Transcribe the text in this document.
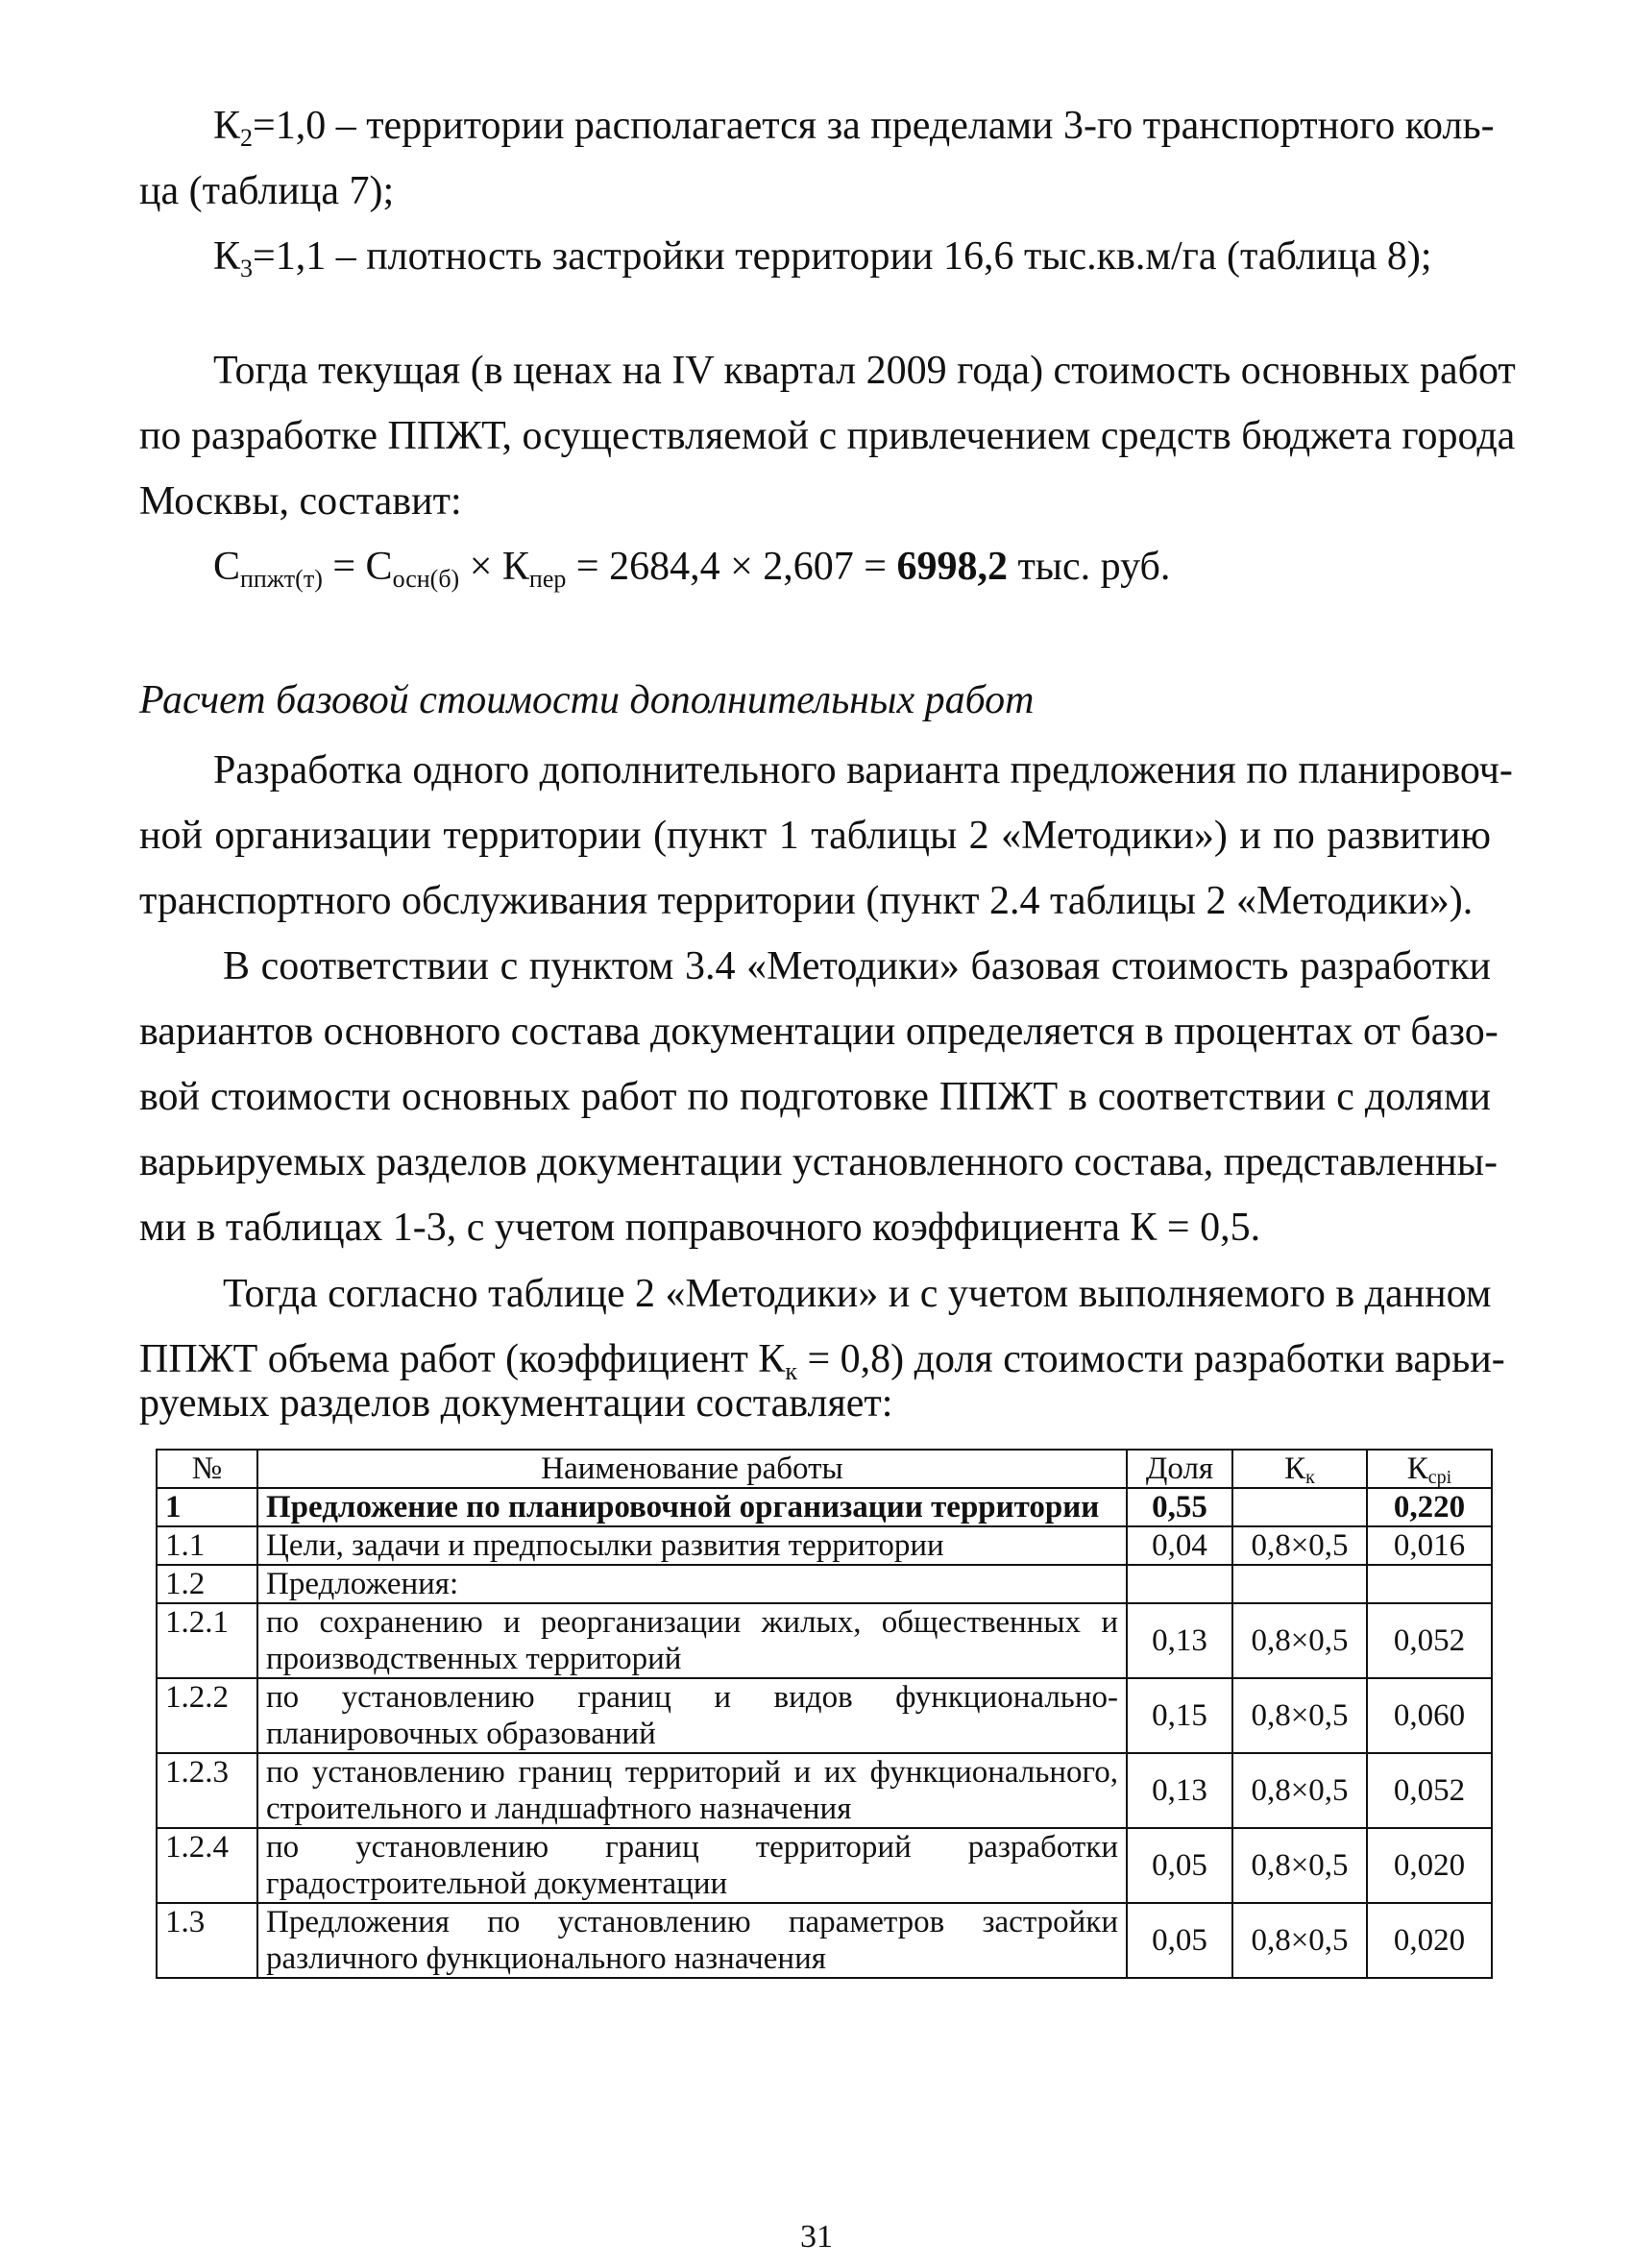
$К_2=1,0$ – территории располагается за пределами 3-го транспортного коль-
ца (таблица 7);
$К_3=1,1$ – плотность застройки территории 16,6 тыс.кв.м/га (таблица 8);
Тогда текущая (в ценах на IV квартал 2009 года) стоимость основных работ
по разработке ППЖТ, осуществляемой с привлечением средств бюджета города
Москвы, составит:
$С_{ппжт(т)} = С_{осн(б)} \times К_{пер} = 2684,4 \times 2,607 = 6998,2$ тыс. руб.
Расчет базовой стоимости дополнительных работ
Разработка одного дополнительного варианта предложения по планировоч-
ной организации территории (пункт 1 таблицы 2 «Методики») и по развитию
транспортного обслуживания территории (пункт 2.4 таблицы 2 «Методики»).
В соответствии с пунктом 3.4 «Методики» базовая стоимость разработки
вариантов основного состава документации определяется в процентах от базо-
вой стоимости основных работ по подготовке ППЖТ в соответствии с долями
варьируемых разделов документации установленного состава, представленны-
ми в таблицах 1-3, с учетом поправочного коэффициента К = 0,5.
Тогда согласно таблице 2 «Методики» и с учетом выполняемого в данном
ППЖТ объема работ (коэффициент $К_к = 0,8$) доля стоимости разработки варьи-
руемых разделов документации составляет:
№	Наименование работы	Доля	$К_к$	$К_{срi}$
1	Предложение по планировочной организации территории	0,55		0,220
1.1	Цели, задачи и предпосылки развития территории	0,04	0,8×0,5	0,016
1.2	Предложения:			
1.2.1	по сохранению и реорганизации жилых, общественных и производственных территорий	0,13	0,8×0,5	0,052
1.2.2	по установлению границ и видов функционально-планировочных образований	0,15	0,8×0,5	0,060
1.2.3	по установлению границ территорий и их функционального, строительного и ландшафтного назначения	0,13	0,8×0,5	0,052
1.2.4	по установлению границ территорий разработки градостроительной документации	0,05	0,8×0,5	0,020
1.3	Предложения по установлению параметров застройки различного функционального назначения	0,05	0,8×0,5	0,020
31
